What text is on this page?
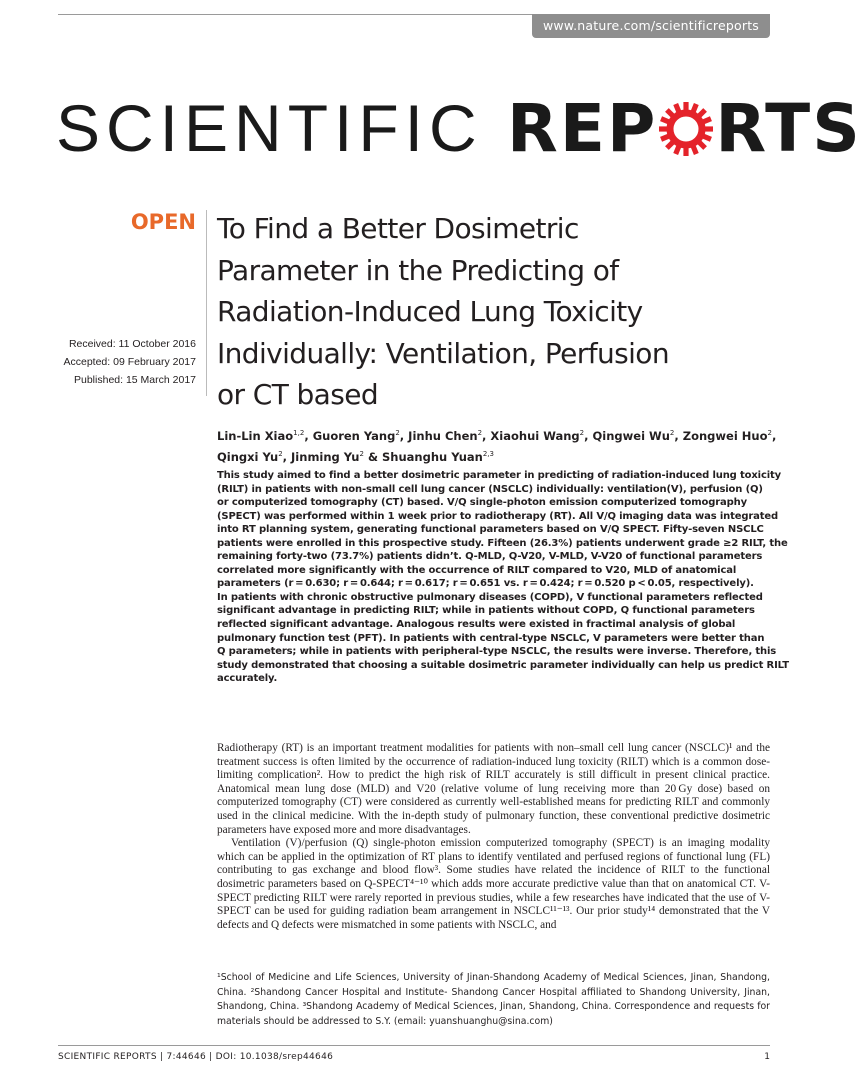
www.nature.com/scientificreports
SCIENTIFIC REP RTS
OPEN
Received: 11 October 2016
Accepted: 09 February 2017
Published: 15 March 2017
To Find a Better Dosimetric
Parameter in the Predicting of
Radiation-Induced Lung Toxicity
Individually: Ventilation, Perfusion
or CT based
Lin-Lin Xiao$^{1,2}$, Guoren Yang$^2$, Jinhu Chen$^2$, Xiaohui Wang$^2$, Qingwei Wu$^2$, Zongwei Huo$^2$, Qingxi Yu$^2$, Jinming Yu$^2$ & Shuanghu Yuan$^{2,3}$
This study aimed to find a better dosimetric parameter in predicting of radiation-induced lung toxicity
(RILT) in patients with non-small cell lung cancer (NSCLC) individually: ventilation(V), perfusion (Q)
or computerized tomography (CT) based. V/Q single-photon emission computerized tomography
(SPECT) was performed within 1 week prior to radiotherapy (RT). All V/Q imaging data was integrated
into RT planning system, generating functional parameters based on V/Q SPECT. Fifty-seven NSCLC
patients were enrolled in this prospective study. Fifteen (26.3%) patients underwent grade ≥2 RILT, the
remaining forty-two (73.7%) patients didn’t. Q-MLD, Q-V20, V-MLD, V-V20 of functional parameters
correlated more significantly with the occurrence of RILT compared to V20, MLD of anatomical
parameters (r = 0.630; r = 0.644; r = 0.617; r = 0.651 vs. r = 0.424; r = 0.520 p < 0.05, respectively).
In patients with chronic obstructive pulmonary diseases (COPD), V functional parameters reflected
significant advantage in predicting RILT; while in patients without COPD, Q functional parameters
reflected significant advantage. Analogous results were existed in fractimal analysis of global
pulmonary function test (PFT). In patients with central-type NSCLC, V parameters were better than
Q parameters; while in patients with peripheral-type NSCLC, the results were inverse. Therefore, this
study demonstrated that choosing a suitable dosimetric parameter individually can help us predict RILT
accurately.

Radiotherapy (RT) is an important treatment modalities for patients with non–small cell lung cancer (NSCLC)¹ and the treatment success is often limited by the occurrence of radiation-induced lung toxicity (RILT) which is a common dose-limiting complication². How to predict the high risk of RILT accurately is still difficult in present clinical practice. Anatomical mean lung dose (MLD) and V20 (relative volume of lung receiving more than 20 Gy dose) based on computerized tomography (CT) were considered as currently well-established means for predicting RILT and commonly used in the clinical medicine. With the in-depth study of pulmonary function, these conventional predictive dosimetric parameters have exposed more and more disadvantages.

Ventilation (V)/perfusion (Q) single-photon emission computerized tomography (SPECT) is an imaging modality which can be applied in the optimization of RT plans to identify ventilated and perfused regions of functional lung (FL) contributing to gas exchange and blood flow³. Some studies have related the incidence of RILT to the functional dosimetric parameters based on Q-SPECT⁴⁻¹⁰ which adds more accurate predictive value than that on anatomical CT. V-SPECT predicting RILT were rarely reported in previous studies, while a few researches have indicated that the use of V-SPECT can be used for guiding radiation beam arrangement in NSCLC¹¹⁻¹³. Our prior study¹⁴ demonstrated that the V defects and Q defects were mismatched in some patients with NSCLC, and

¹School of Medicine and Life Sciences, University of Jinan-Shandong Academy of Medical Sciences, Jinan, Shandong, China. ²Shandong Cancer Hospital and Institute- Shandong Cancer Hospital affiliated to Shandong University, Jinan, Shandong, China. ³Shandong Academy of Medical Sciences, Jinan, Shandong, China. Correspondence and requests for materials should be addressed to S.Y. (email: yuanshuanghu@sina.com)
SCIENTIFIC REPORTS | 7:44646 | DOI: 10.1038/srep44646	1
